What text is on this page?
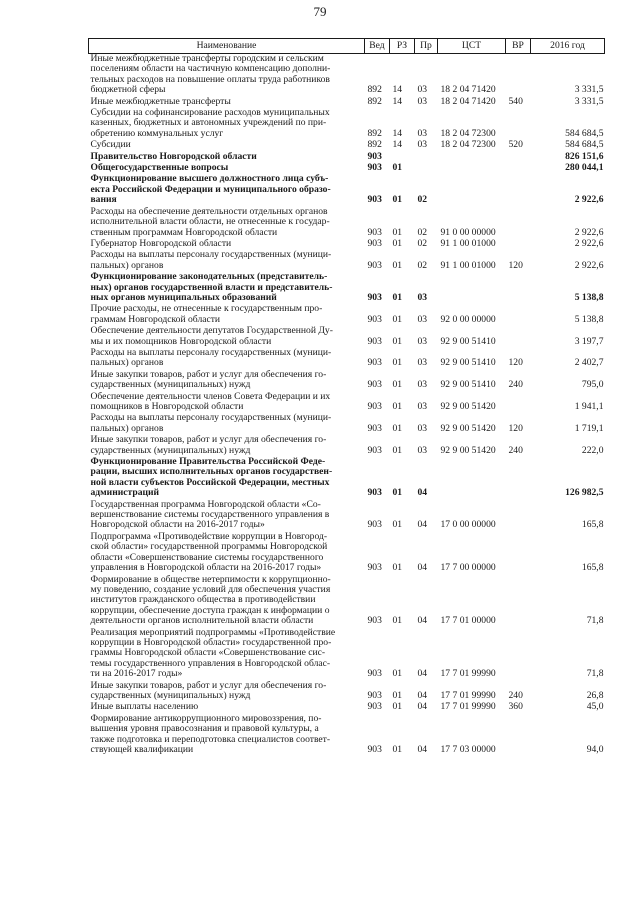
79
Наименование	Вед	РЗ	Пр	ЦСТ	ВР	2016 год
Иные межбюджетные трансферты городским и сельским
поселениям области на частичную компенсацию дополни-
тельных расходов на повышение оплаты труда работников
бюджетной сферы	892	14	03	18 2 04 71420		3 331,5
Иные межбюджетные трансферты	892	14	03	18 2 04 71420	540	3 331,5
Субсидии на софинансирование расходов муниципальных
казенных, бюджетных и автономных учреждений по при-
обретению коммунальных услуг	892	14	03	18 2 04 72300		584 684,5
Субсидии	892	14	03	18 2 04 72300	520	584 684,5
Правительство Новгородской области	903					826 151,6
Общегосударственные вопросы	903	01				280 044,1
Функционирование высшего должностного лица субъ-
екта Российской Федерации и муниципального образо-
вания	903	01	02			2 922,6
Расходы на обеспечение деятельности отдельных органов
исполнительной власти области, не отнесенные к государ-
ственным программам Новгородской области	903	01	02	91 0 00 00000		2 922,6
Губернатор Новгородской области	903	01	02	91 1 00 01000		2 922,6
Расходы на выплаты персоналу государственных (муници-
пальных) органов	903	01	02	91 1 00 01000	120	2 922,6
Функционирование законодательных (представитель-
ных) органов государственной власти и представитель-
ных органов муниципальных образований	903	01	03			5 138,8
Прочие расходы, не отнесенные к государственным про-
граммам Новгородской области	903	01	03	92 0 00 00000		5 138,8
Обеспечение деятельности депутатов Государственной Ду-
мы и их помощников Новгородской области	903	01	03	92 9 00 51410		3 197,7
Расходы на выплаты персоналу государственных (муници-
пальных) органов	903	01	03	92 9 00 51410	120	2 402,7
Иные закупки товаров, работ и услуг для обеспечения го-
сударственных (муниципальных) нужд	903	01	03	92 9 00 51410	240	795,0
Обеспечение деятельности членов Совета Федерации и их
помощников в Новгородской области	903	01	03	92 9 00 51420		1 941,1
Расходы на выплаты персоналу государственных (муници-
пальных) органов	903	01	03	92 9 00 51420	120	1 719,1
Иные закупки товаров, работ и услуг для обеспечения го-
сударственных (муниципальных) нужд	903	01	03	92 9 00 51420	240	222,0
Функционирование Правительства Российской Феде-
рации, высших исполнительных органов государствен-
ной власти субъектов Российской Федерации, местных
администраций	903	01	04			126 982,5
Государственная программа Новгородской области «Со-
вершенствование системы государственного управления в
Новгородской области на 2016-2017 годы»	903	01	04	17 0 00 00000		165,8
Подпрограмма «Противодействие коррупции в Новгород-
ской области» государственной программы Новгородской
области «Совершенствование системы государственного
управления в Новгородской области на 2016-2017 годы»	903	01	04	17 7 00 00000		165,8
Формирование в обществе нетерпимости к коррупционно-
му поведению, создание условий для обеспечения участия
институтов гражданского общества в противодействии
коррупции, обеспечение доступа граждан к информации о
деятельности органов исполнительной власти области	903	01	04	17 7 01 00000		71,8
Реализация мероприятий подпрограммы «Противодействие
коррупции в Новгородской области» государственной про-
граммы Новгородской области «Совершенствование сис-
темы государственного управления в Новгородской облас-
ти на 2016-2017 годы»	903	01	04	17 7 01 99990		71,8
Иные закупки товаров, работ и услуг для обеспечения го-
сударственных (муниципальных) нужд	903	01	04	17 7 01 99990	240	26,8
Иные выплаты населению	903	01	04	17 7 01 99990	360	45,0
Формирование антикоррупционного мировоззрения, по-
вышения уровня правосознания и правовой культуры, а
также подготовка и переподготовка специалистов соответ-
ствующей квалификации	903	01	04	17 7 03 00000		94,0
